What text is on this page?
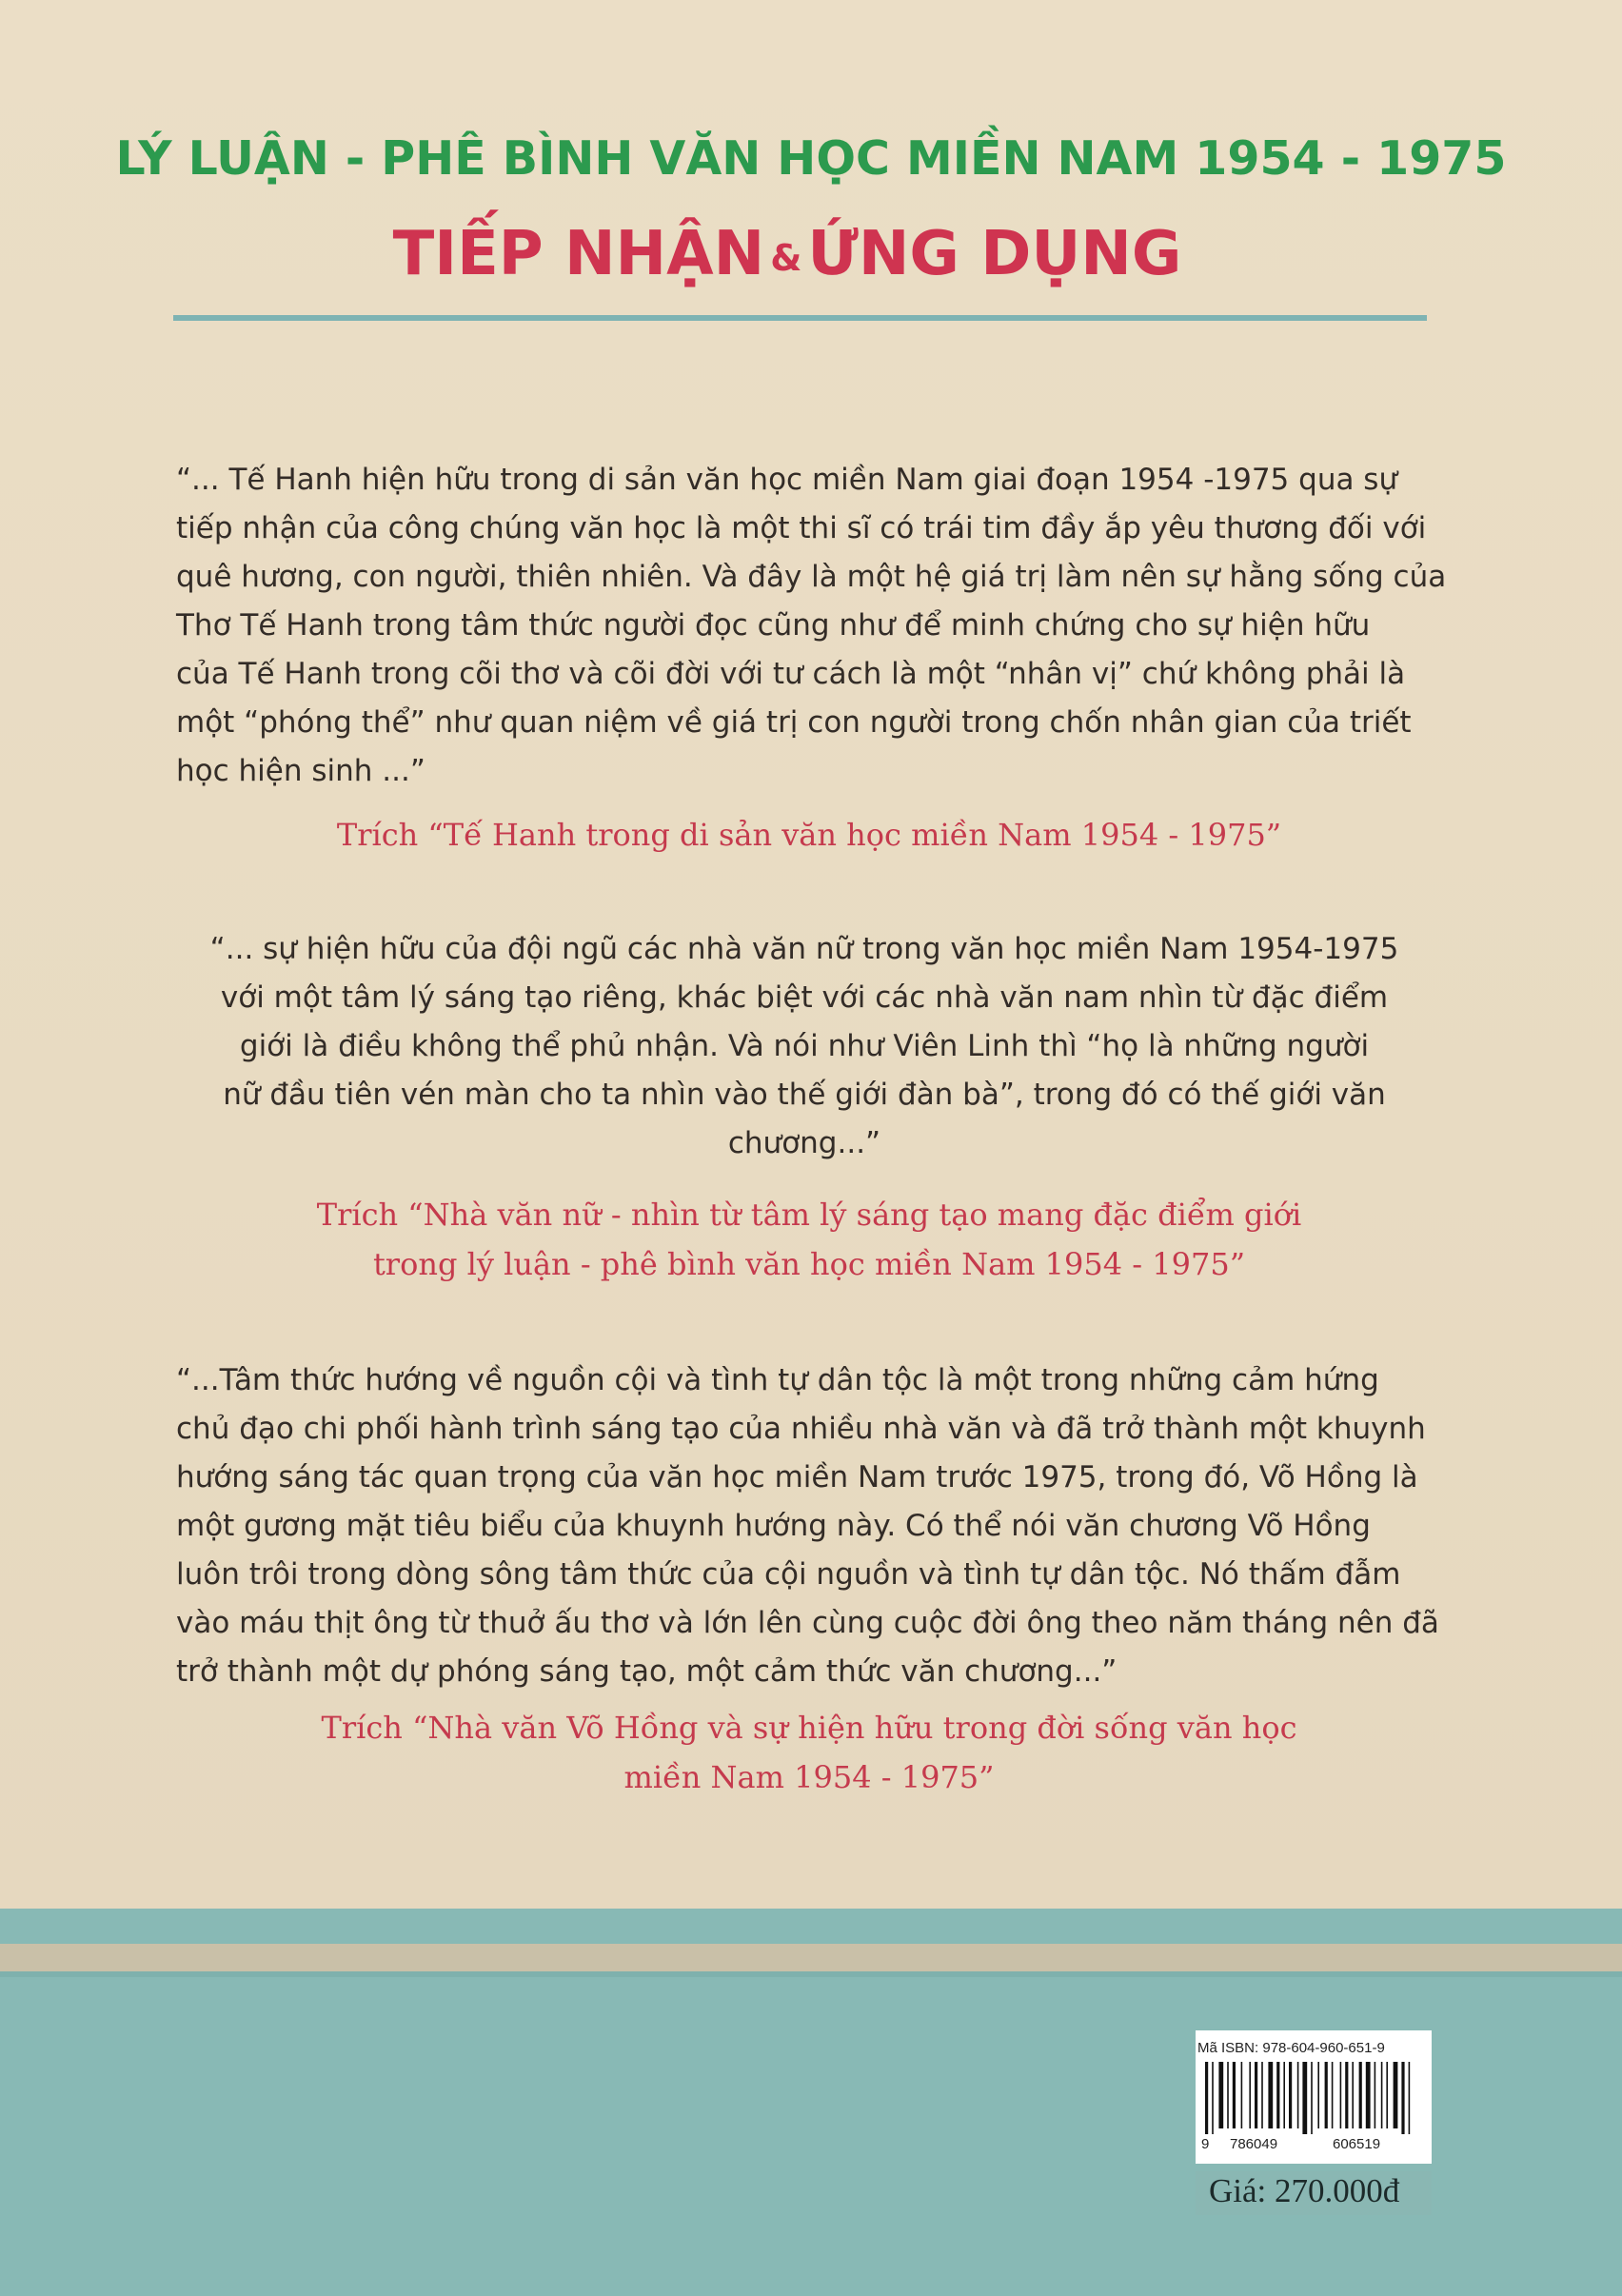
LÝ LUẬN - PHÊ BÌNH VĂN HỌC MIỀN NAM 1954 - 1975
TIẾP NHẬN &ỨNG DỤNG
“... Tế Hanh hiện hữu trong di sản văn học miền Nam giai đoạn 1954 -1975 qua sự
tiếp nhận của công chúng văn học là một thi sĩ có trái tim đầy ắp yêu thương đối với
quê hương, con người, thiên nhiên. Và đây là một hệ giá trị làm nên sự hằng sống của
Thơ Tế Hanh trong tâm thức người đọc cũng như để minh chứng cho sự hiện hữu
của Tế Hanh trong cõi thơ và cõi đời với tư cách là một “nhân vị” chứ không phải là
một “phóng thể” như quan niệm về giá trị con người trong chốn nhân gian của triết
học hiện sinh ...”
Trích “Tế Hanh trong di sản văn học miền Nam 1954 - 1975”
“... sự hiện hữu của đội ngũ các nhà văn nữ trong văn học miền Nam 1954-1975
với một tâm lý sáng tạo riêng, khác biệt với các nhà văn nam nhìn từ đặc điểm
giới là điều không thể phủ nhận. Và nói như Viên Linh thì “họ là những người
nữ đầu tiên vén màn cho ta nhìn vào thế giới đàn bà”, trong đó có thế giới văn
chương...”
Trích “Nhà văn nữ - nhìn từ tâm lý sáng tạo mang đặc điểm giới
trong lý luận - phê bình văn học miền Nam 1954 - 1975”
“...Tâm thức hướng về nguồn cội và tình tự dân tộc là một trong những cảm hứng
chủ đạo chi phối hành trình sáng tạo của nhiều nhà văn và đã trở thành một khuynh
hướng sáng tác quan trọng của văn học miền Nam trước 1975, trong đó, Võ Hồng là
một gương mặt tiêu biểu của khuynh hướng này. Có thể nói văn chương Võ Hồng
luôn trôi trong dòng sông tâm thức của cội nguồn và tình tự dân tộc. Nó thấm đẫm
vào máu thịt ông từ thuở ấu thơ và lớn lên cùng cuộc đời ông theo năm tháng nên đã
trở thành một dự phóng sáng tạo, một cảm thức văn chương...”
Trích “Nhà văn Võ Hồng và sự hiện hữu trong đời sống văn học
miền Nam 1954 - 1975”
Mã ISBN: 978-604-960-651-9
9 786049	606519
Giá: 270.000đ
